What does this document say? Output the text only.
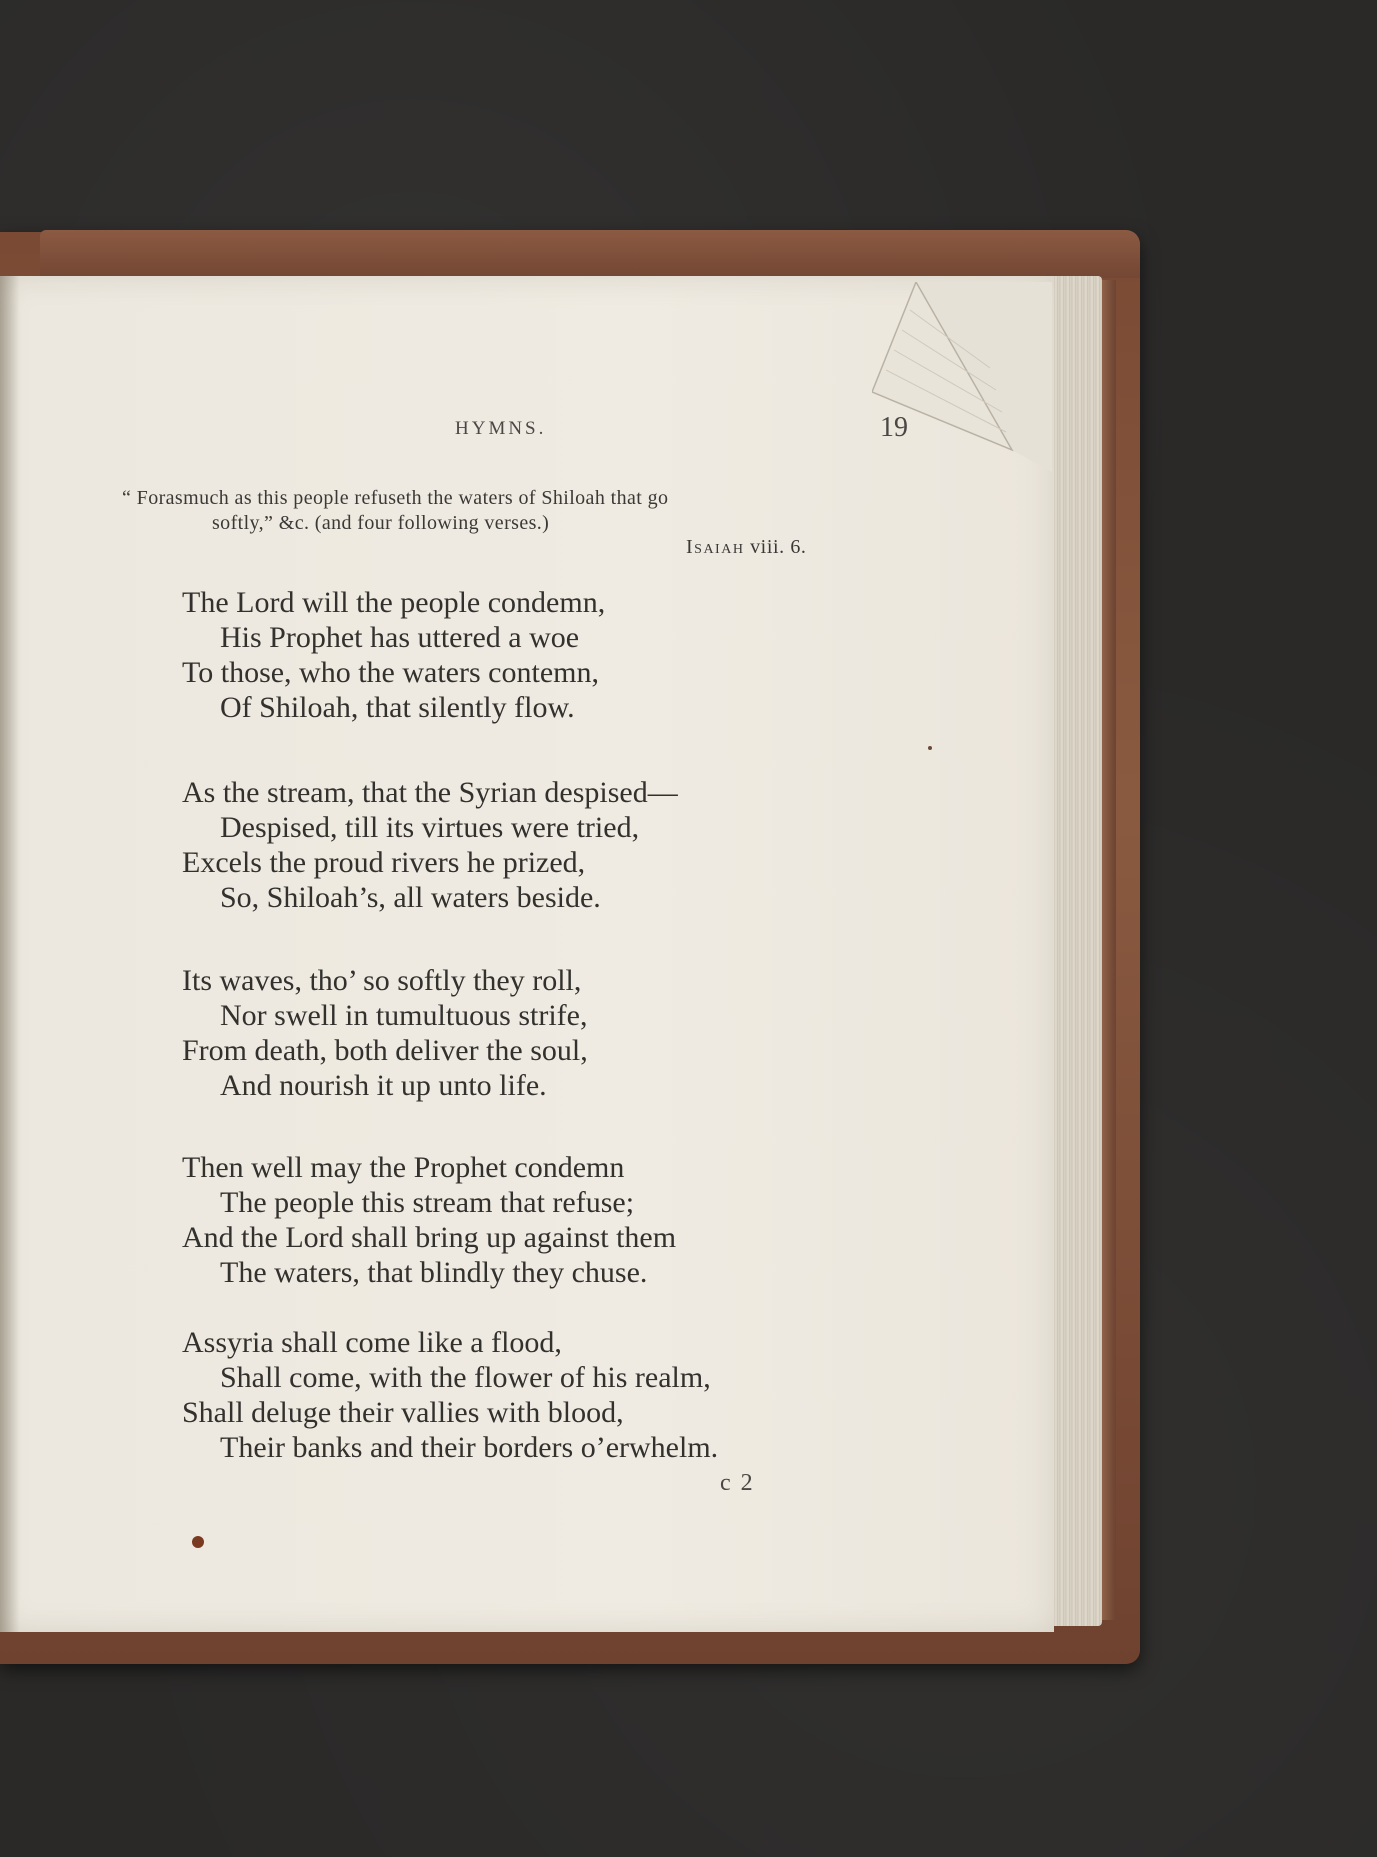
HYMNS.	19
“ Forasmuch as this people refuseth the waters of Shiloah that go
softly,” &c. (and four following verses.)
Isaiah viii. 6.
The Lord will the people condemn,
His Prophet has uttered a woe
To those, who the waters contemn,
Of Shiloah, that silently flow.
As the stream, that the Syrian despised—
Despised, till its virtues were tried,
Excels the proud rivers he prized,
So, Shiloah’s, all waters beside.
Its waves, tho’ so softly they roll,
Nor swell in tumultuous strife,
From death, both deliver the soul,
And nourish it up unto life.
Then well may the Prophet condemn
The people this stream that refuse;
And the Lord shall bring up against them
The waters, that blindly they chuse.
Assyria shall come like a flood,
Shall come, with the flower of his realm,
Shall deluge their vallies with blood,
Their banks and their borders o’erwhelm.
c 2
